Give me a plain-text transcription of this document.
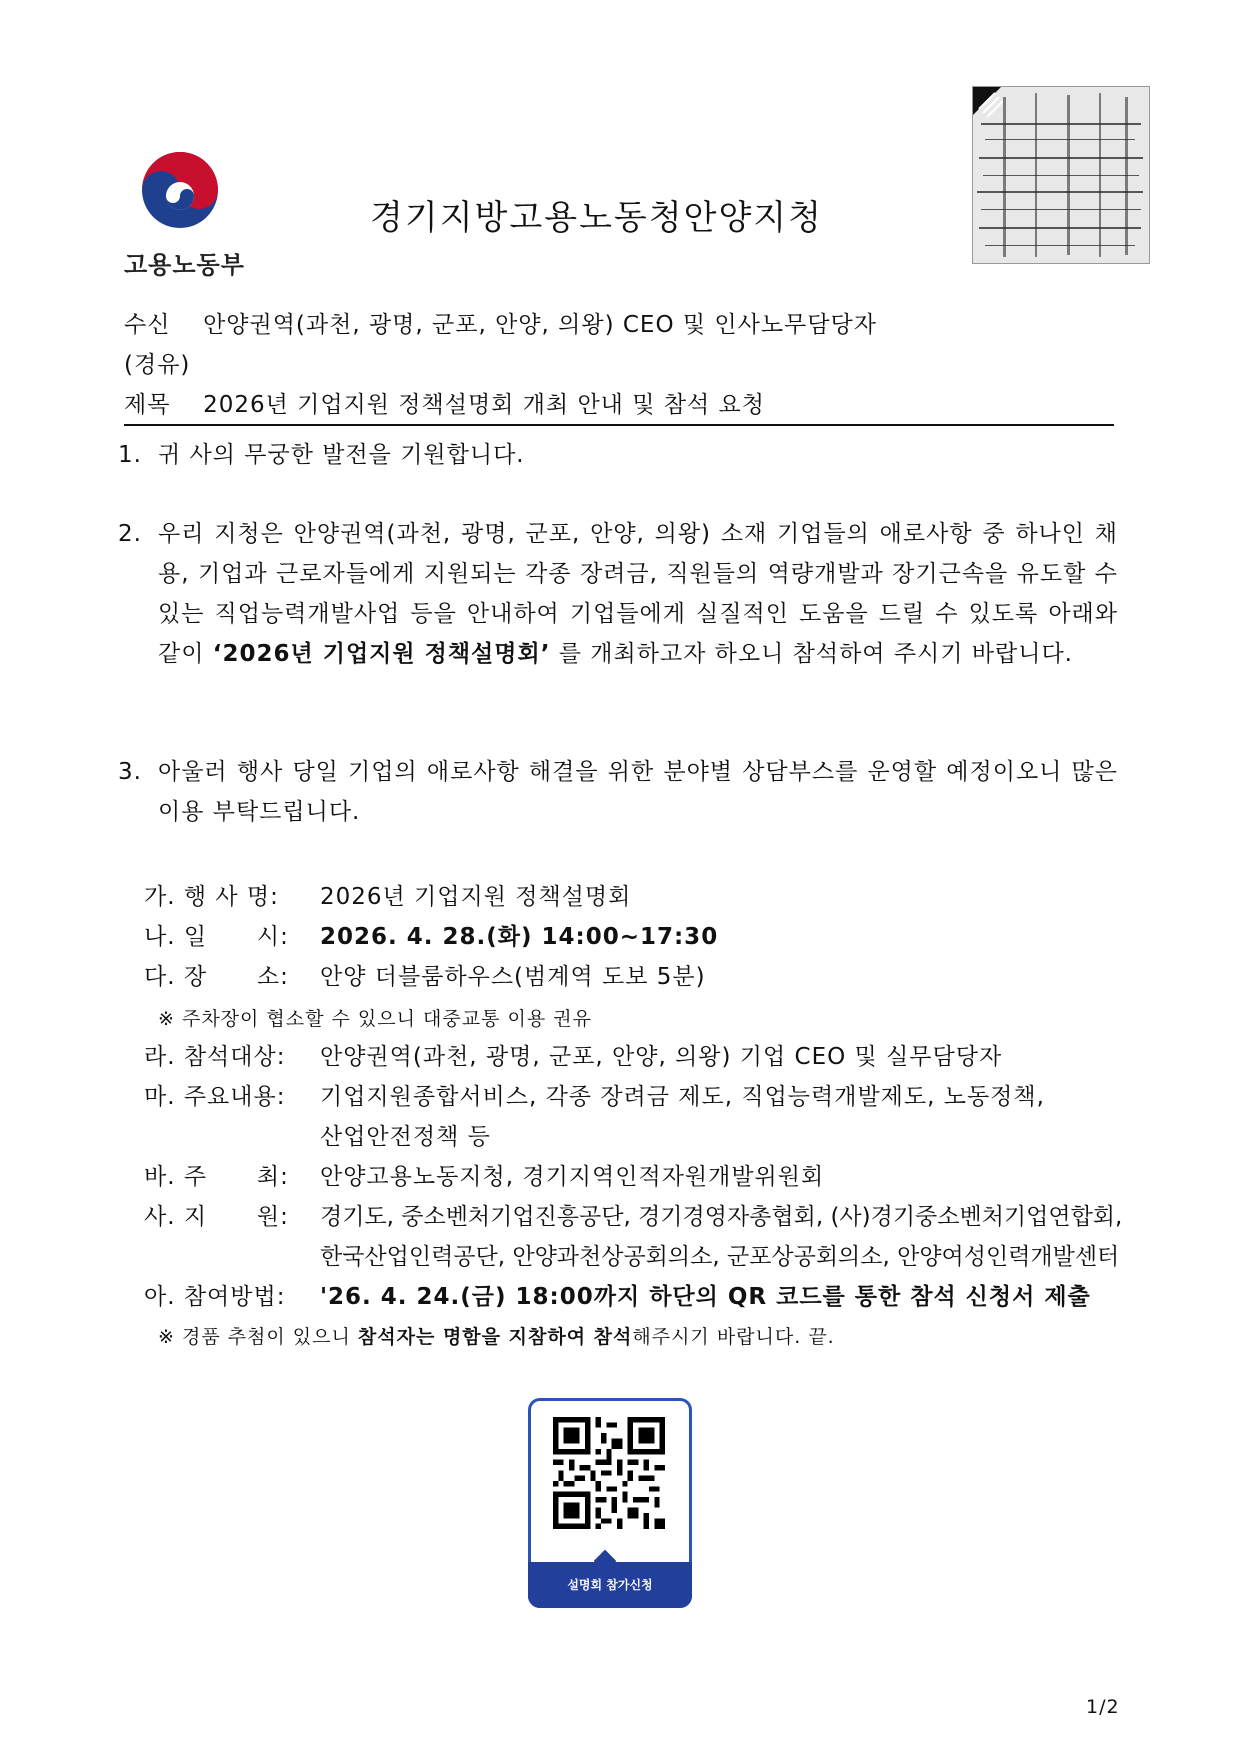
고용노동부
경기지방고용노동청안양지청
수신 안양권역(과천, 광명, 군포, 안양, 의왕) CEO 및 인사노무담당자
(경유)
제목 2026년 기업지원 정책설명회 개최 안내 및 참석 요청
1. 귀 사의 무궁한 발전을 기원합니다.
2. 우리 지청은 안양권역(과천, 광명, 군포, 안양, 의왕) 소재 기업들의 애로사항 중 하나인 채용, 기업과 근로자들에게 지원되는 각종 장려금, 직원들의 역량개발과 장기근속을 유도할 수 있는 직업능력개발사업 등을 안내하여 기업들에게 실질적인 도움을 드릴 수 있도록 아래와 같이 ‘2026년 기업지원 정책설명회’ 를 개최하고자 하오니 참석하여 주시기 바랍니다.
3. 아울러 행사 당일 기업의 애로사항 해결을 위한 분야별 상담부스를 운영할 예정이오니 많은 이용 부탁드립니다.
가. 행 사 명: 2026년 기업지원 정책설명회
나. 일      시: 2026. 4. 28.(화) 14:00~17:30
다. 장      소: 안양 더블룸하우스(범계역 도보 5분)
※ 주차장이 협소할 수 있으니 대중교통 이용 권유
라. 참석대상: 안양권역(과천, 광명, 군포, 안양, 의왕) 기업 CEO 및 실무담당자
마. 주요내용: 기업지원종합서비스, 각종 장려금 제도, 직업능력개발제도, 노동정책,
산업안전정책 등
바. 주      최: 안양고용노동지청, 경기지역인적자원개발위원회
사. 지      원: 경기도, 중소벤처기업진흥공단, 경기경영자총협회, (사)경기중소벤처기업연합회,
한국산업인력공단, 안양과천상공회의소, 군포상공회의소, 안양여성인력개발센터
아. 참여방법: '26. 4. 24.(금) 18:00까지 하단의 QR 코드를 통한 참석 신청서 제출
※ 경품 추첨이 있으니 참석자는 명함을 지참하여 참석해주시기 바랍니다. 끝.
설명회 참가신청
1/2
